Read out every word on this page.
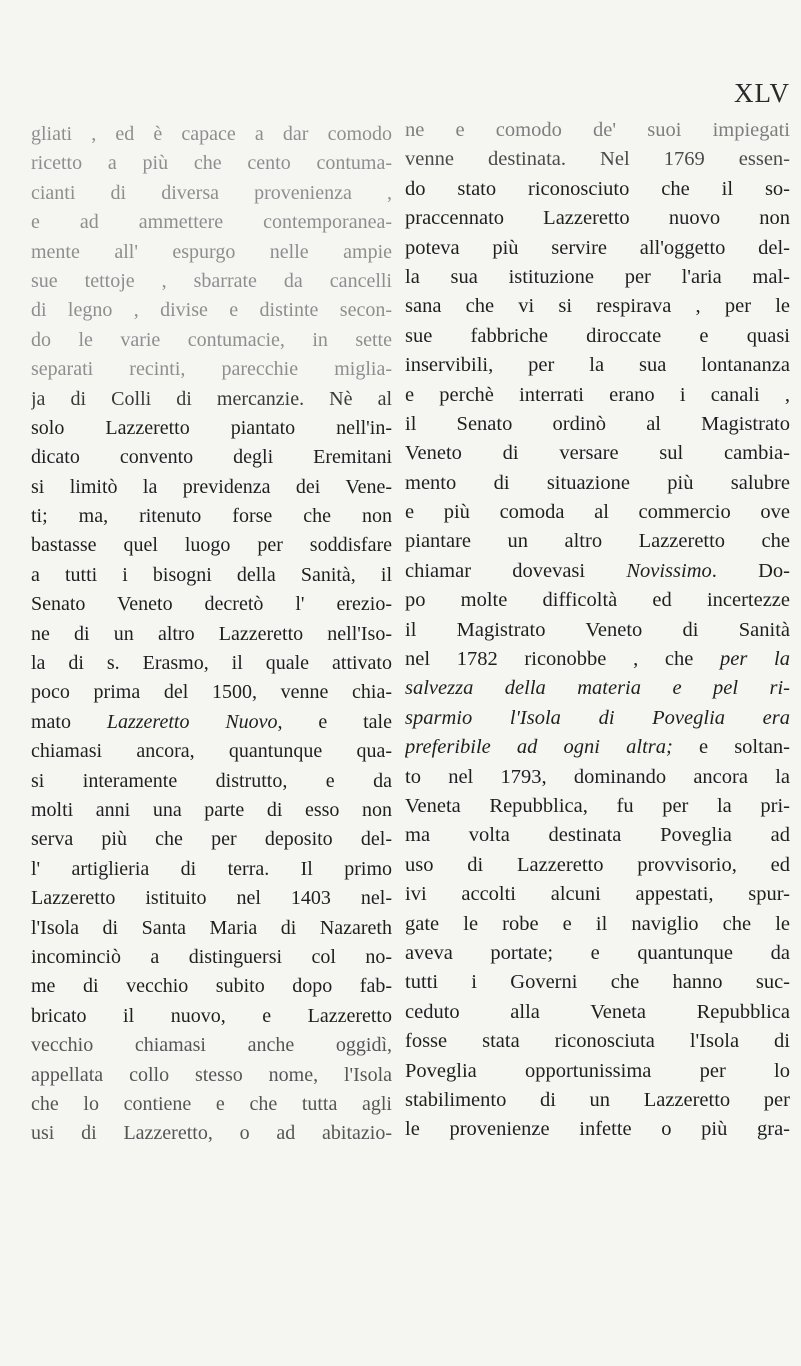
XLV
gliati , ed è capace a dar comodo
ricetto a più che cento contuma-
cianti di diversa provenienza ,
e ad ammettere contemporanea-
mente all' espurgo nelle ampie
sue tettoje , sbarrate da cancelli
di legno , divise e distinte secon-
do le varie contumacie, in sette
separati recinti, parecchie miglia-
ja di Colli di mercanzie. Nè al
solo Lazzeretto piantato nell'in-
dicato convento degli Eremitani
si limitò la previdenza dei Vene-
ti; ma, ritenuto forse che non
bastasse quel luogo per soddisfare
a tutti i bisogni della Sanità, il
Senato Veneto decretò l' erezio-
ne di un altro Lazzeretto nell'Iso-
la di s. Erasmo, il quale attivato
poco prima del 1500, venne chia-
mato Lazzeretto Nuovo, e tale
chiamasi ancora, quantunque qua-
si interamente distrutto, e da
molti anni una parte di esso non
serva più che per deposito del-
l' artiglieria di terra. Il primo
Lazzeretto istituito nel 1403 nel-
l'Isola di Santa Maria di Nazareth
incominciò a distinguersi col no-
me di vecchio subito dopo fab-
bricato il nuovo, e Lazzeretto
vecchio chiamasi anche oggidì,
appellata collo stesso nome, l'Isola
che lo contiene e che tutta agli
usi di Lazzeretto, o ad abitazio-
ne e comodo de' suoi impiegati
venne destinata. Nel 1769 essen-
do stato riconosciuto che il so-
praccennato Lazzeretto nuovo non
poteva più servire all'oggetto del-
la sua istituzione per l'aria mal-
sana che vi si respirava , per le
sue fabbriche diroccate e quasi
inservibili, per la sua lontananza
e perchè interrati erano i canali ,
il Senato ordinò al Magistrato
Veneto di versare sul cambia-
mento di situazione più salubre
e più comoda al commercio ove
piantare un altro Lazzeretto che
chiamar dovevasi Novissimo. Do-
po molte difficoltà ed incertezze
il Magistrato Veneto di Sanità
nel 1782 riconobbe , che per la
salvezza della materia e pel ri-
sparmio l'Isola di Poveglia era
preferibile ad ogni altra; e soltan-
to nel 1793, dominando ancora la
Veneta Repubblica, fu per la pri-
ma volta destinata Poveglia ad
uso di Lazzeretto provvisorio, ed
ivi accolti alcuni appestati, spur-
gate le robe e il naviglio che le
aveva portate; e quantunque da
tutti i Governi che hanno suc-
ceduto alla Veneta Repubblica
fosse stata riconosciuta l'Isola di
Poveglia opportunissima per lo
stabilimento di un Lazzeretto per
le provenienze infette o più gra-
